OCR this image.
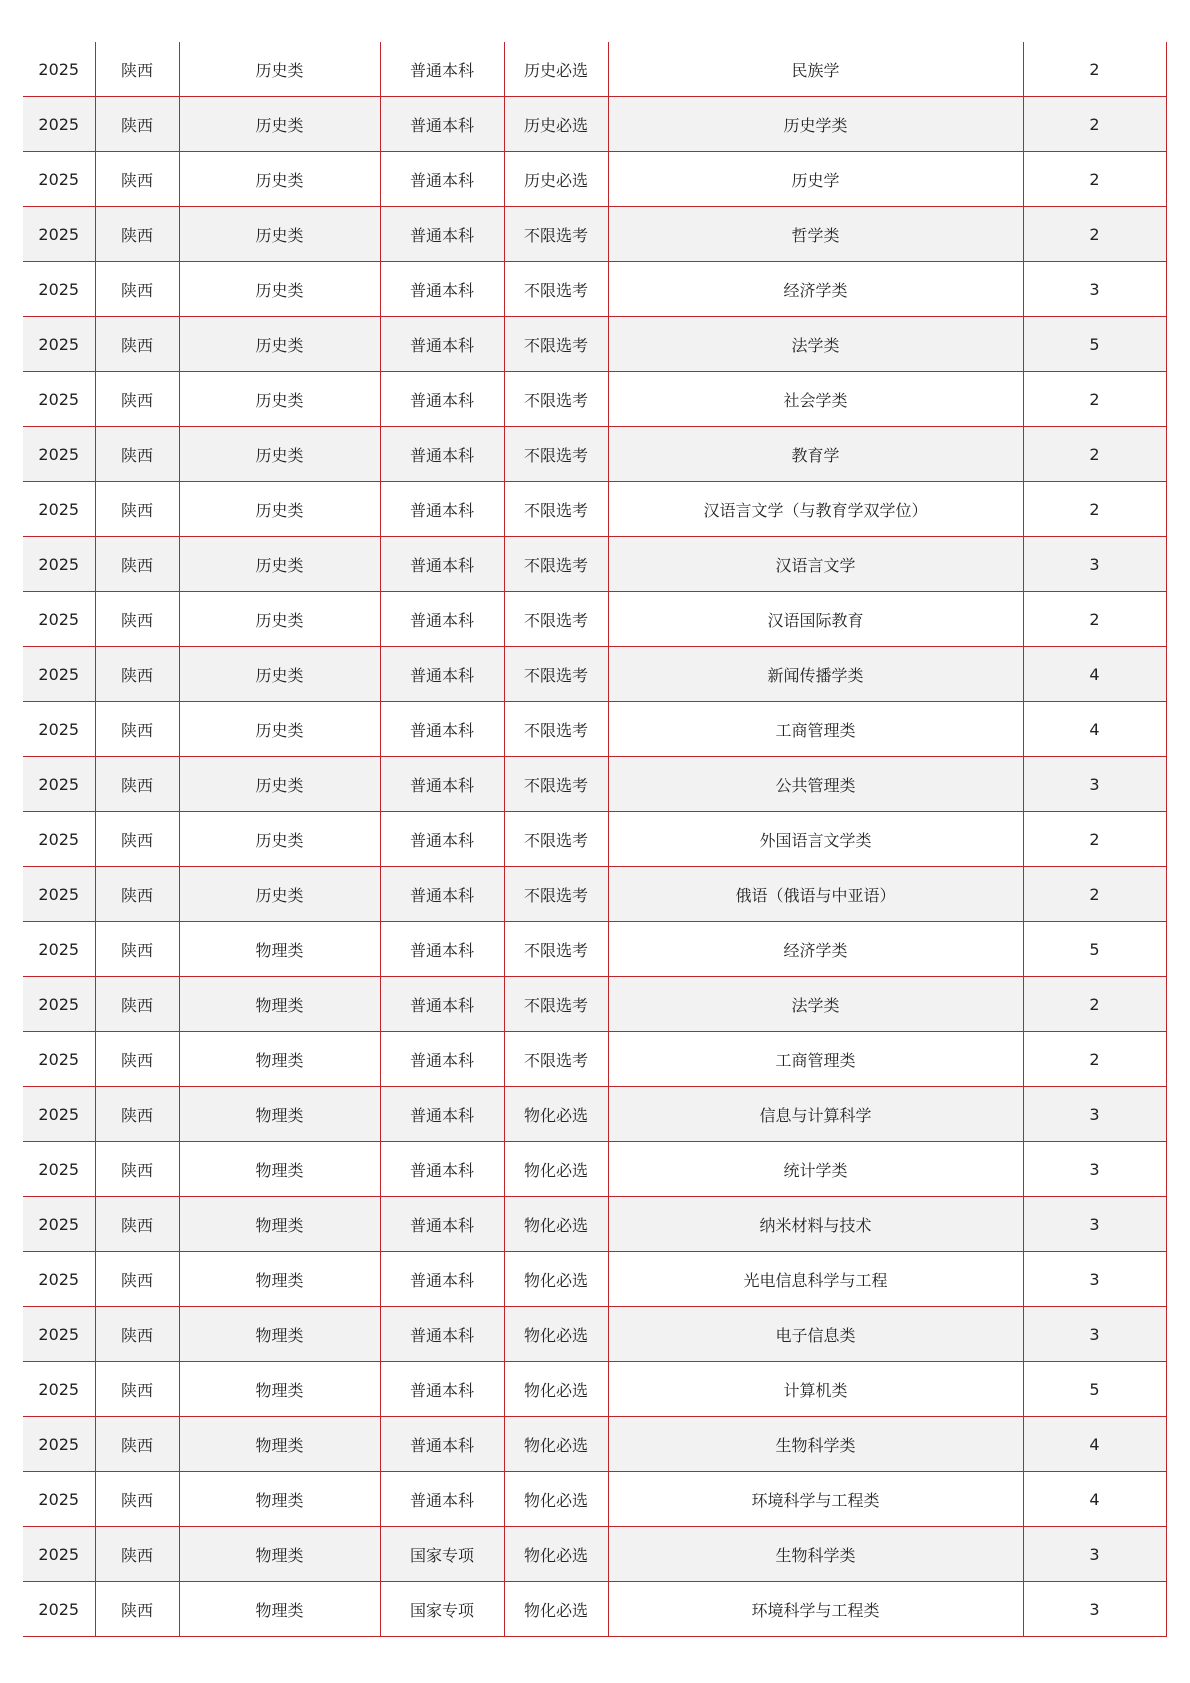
2025	陕西	历史类	普通本科	历史必选	民族学	2
2025	陕西	历史类	普通本科	历史必选	历史学类	2
2025	陕西	历史类	普通本科	历史必选	历史学	2
2025	陕西	历史类	普通本科	不限选考	哲学类	2
2025	陕西	历史类	普通本科	不限选考	经济学类	3
2025	陕西	历史类	普通本科	不限选考	法学类	5
2025	陕西	历史类	普通本科	不限选考	社会学类	2
2025	陕西	历史类	普通本科	不限选考	教育学	2
2025	陕西	历史类	普通本科	不限选考	汉语言文学（与教育学双学位）	2
2025	陕西	历史类	普通本科	不限选考	汉语言文学	3
2025	陕西	历史类	普通本科	不限选考	汉语国际教育	2
2025	陕西	历史类	普通本科	不限选考	新闻传播学类	4
2025	陕西	历史类	普通本科	不限选考	工商管理类	4
2025	陕西	历史类	普通本科	不限选考	公共管理类	3
2025	陕西	历史类	普通本科	不限选考	外国语言文学类	2
2025	陕西	历史类	普通本科	不限选考	俄语（俄语与中亚语）	2
2025	陕西	物理类	普通本科	不限选考	经济学类	5
2025	陕西	物理类	普通本科	不限选考	法学类	2
2025	陕西	物理类	普通本科	不限选考	工商管理类	2
2025	陕西	物理类	普通本科	物化必选	信息与计算科学	3
2025	陕西	物理类	普通本科	物化必选	统计学类	3
2025	陕西	物理类	普通本科	物化必选	纳米材料与技术	3
2025	陕西	物理类	普通本科	物化必选	光电信息科学与工程	3
2025	陕西	物理类	普通本科	物化必选	电子信息类	3
2025	陕西	物理类	普通本科	物化必选	计算机类	5
2025	陕西	物理类	普通本科	物化必选	生物科学类	4
2025	陕西	物理类	普通本科	物化必选	环境科学与工程类	4
2025	陕西	物理类	国家专项	物化必选	生物科学类	3
2025	陕西	物理类	国家专项	物化必选	环境科学与工程类	3
